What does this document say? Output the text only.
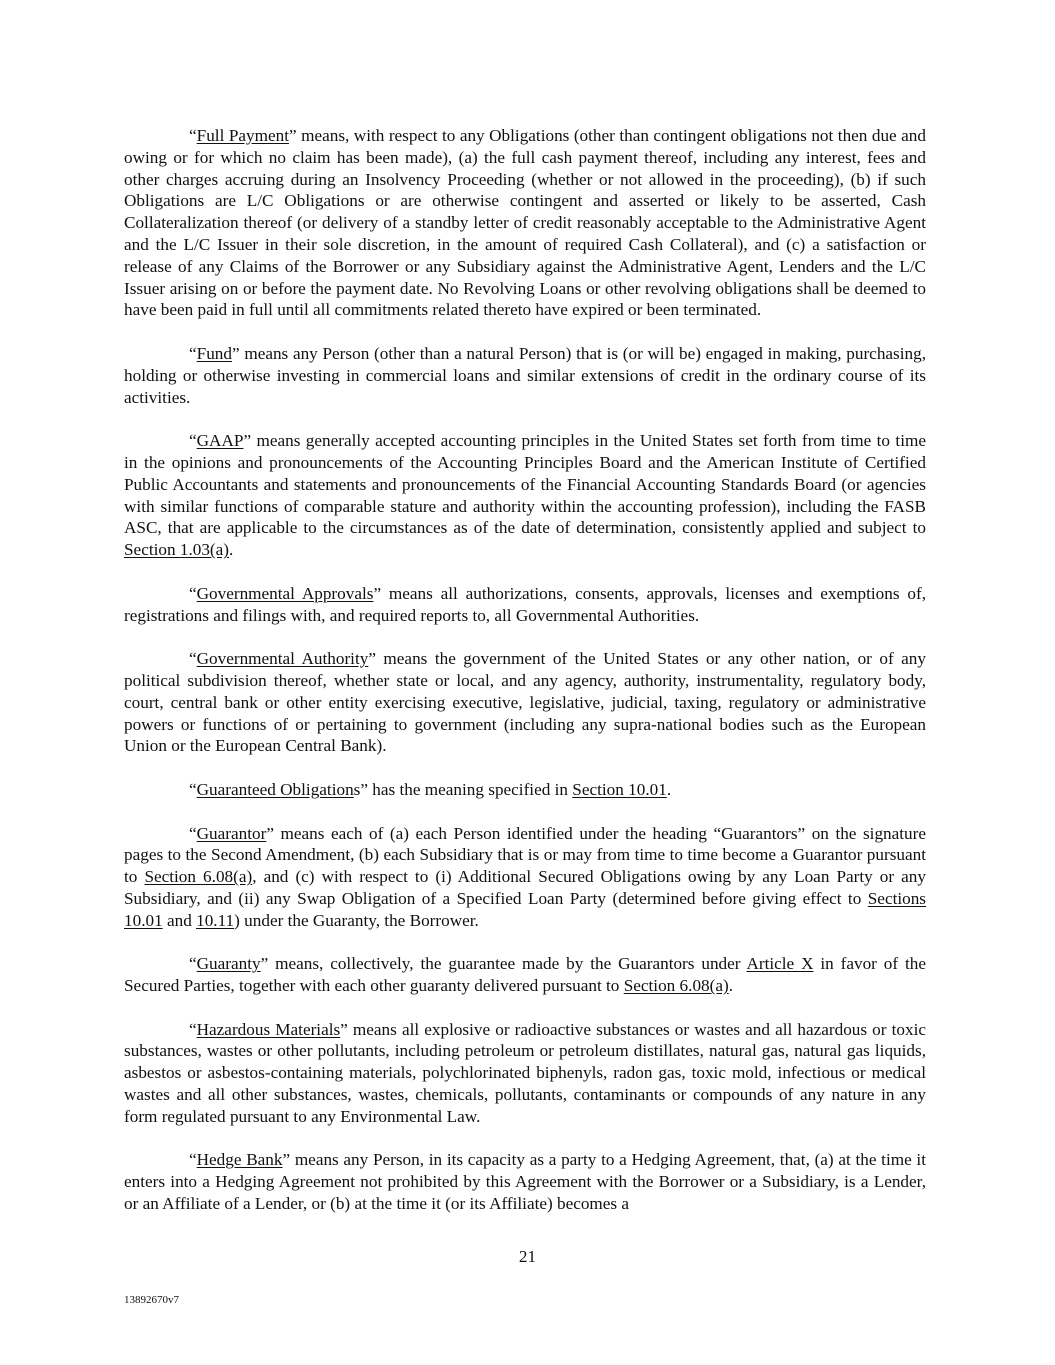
“Full Payment” means, with respect to any Obligations (other than contingent obligations not then due and owing or for which no claim has been made), (a) the full cash payment thereof, including any interest, fees and other charges accruing during an Insolvency Proceeding (whether or not allowed in the proceeding), (b) if such Obligations are L/C Obligations or are otherwise contingent and asserted or likely to be asserted, Cash Collateralization thereof (or delivery of a standby letter of credit reasonably acceptable to the Administrative Agent and the L/C Issuer in their sole discretion, in the amount of required Cash Collateral), and (c) a satisfaction or release of any Claims of the Borrower or any Subsidiary against the Administrative Agent, Lenders and the L/C Issuer arising on or before the payment date. No Revolving Loans or other revolving obligations shall be deemed to have been paid in full until all commitments related thereto have expired or been terminated.

“Fund” means any Person (other than a natural Person) that is (or will be) engaged in making, purchasing, holding or otherwise investing in commercial loans and similar extensions of credit in the ordinary course of its activities.

“GAAP” means generally accepted accounting principles in the United States set forth from time to time in the opinions and pronouncements of the Accounting Principles Board and the American Institute of Certified Public Accountants and statements and pronouncements of the Financial Accounting Standards Board (or agencies with similar functions of comparable stature and authority within the accounting profession), including the FASB ASC, that are applicable to the circumstances as of the date of determination, consistently applied and subject to Section 1.03(a).

“Governmental Approvals” means all authorizations, consents, approvals, licenses and exemptions of, registrations and filings with, and required reports to, all Governmental Authorities.

“Governmental Authority” means the government of the United States or any other nation, or of any political subdivision thereof, whether state or local, and any agency, authority, instrumentality, regulatory body, court, central bank or other entity exercising executive, legislative, judicial, taxing, regulatory or administrative powers or functions of or pertaining to government (including any supra-national bodies such as the European Union or the European Central Bank).

“Guaranteed Obligations” has the meaning specified in Section 10.01.

“Guarantor” means each of (a) each Person identified under the heading “Guarantors” on the signature pages to the Second Amendment, (b) each Subsidiary that is or may from time to time become a Guarantor pursuant to Section 6.08(a), and (c) with respect to (i) Additional Secured Obligations owing by any Loan Party or any Subsidiary, and (ii) any Swap Obligation of a Specified Loan Party (determined before giving effect to Sections 10.01 and 10.11) under the Guaranty, the Borrower.

“Guaranty” means, collectively, the guarantee made by the Guarantors under Article X in favor of the Secured Parties, together with each other guaranty delivered pursuant to Section 6.08(a).

“Hazardous Materials” means all explosive or radioactive substances or wastes and all hazardous or toxic substances, wastes or other pollutants, including petroleum or petroleum distillates, natural gas, natural gas liquids, asbestos or asbestos-containing materials, polychlorinated biphenyls, radon gas, toxic mold, infectious or medical wastes and all other substances, wastes, chemicals, pollutants, contaminants or compounds of any nature in any form regulated pursuant to any Environmental Law.

“Hedge Bank” means any Person, in its capacity as a party to a Hedging Agreement, that, (a) at the time it enters into a Hedging Agreement not prohibited by this Agreement with the Borrower or a Subsidiary, is a Lender, or an Affiliate of a Lender, or (b) at the time it (or its Affiliate) becomes a

21
13892670v7
